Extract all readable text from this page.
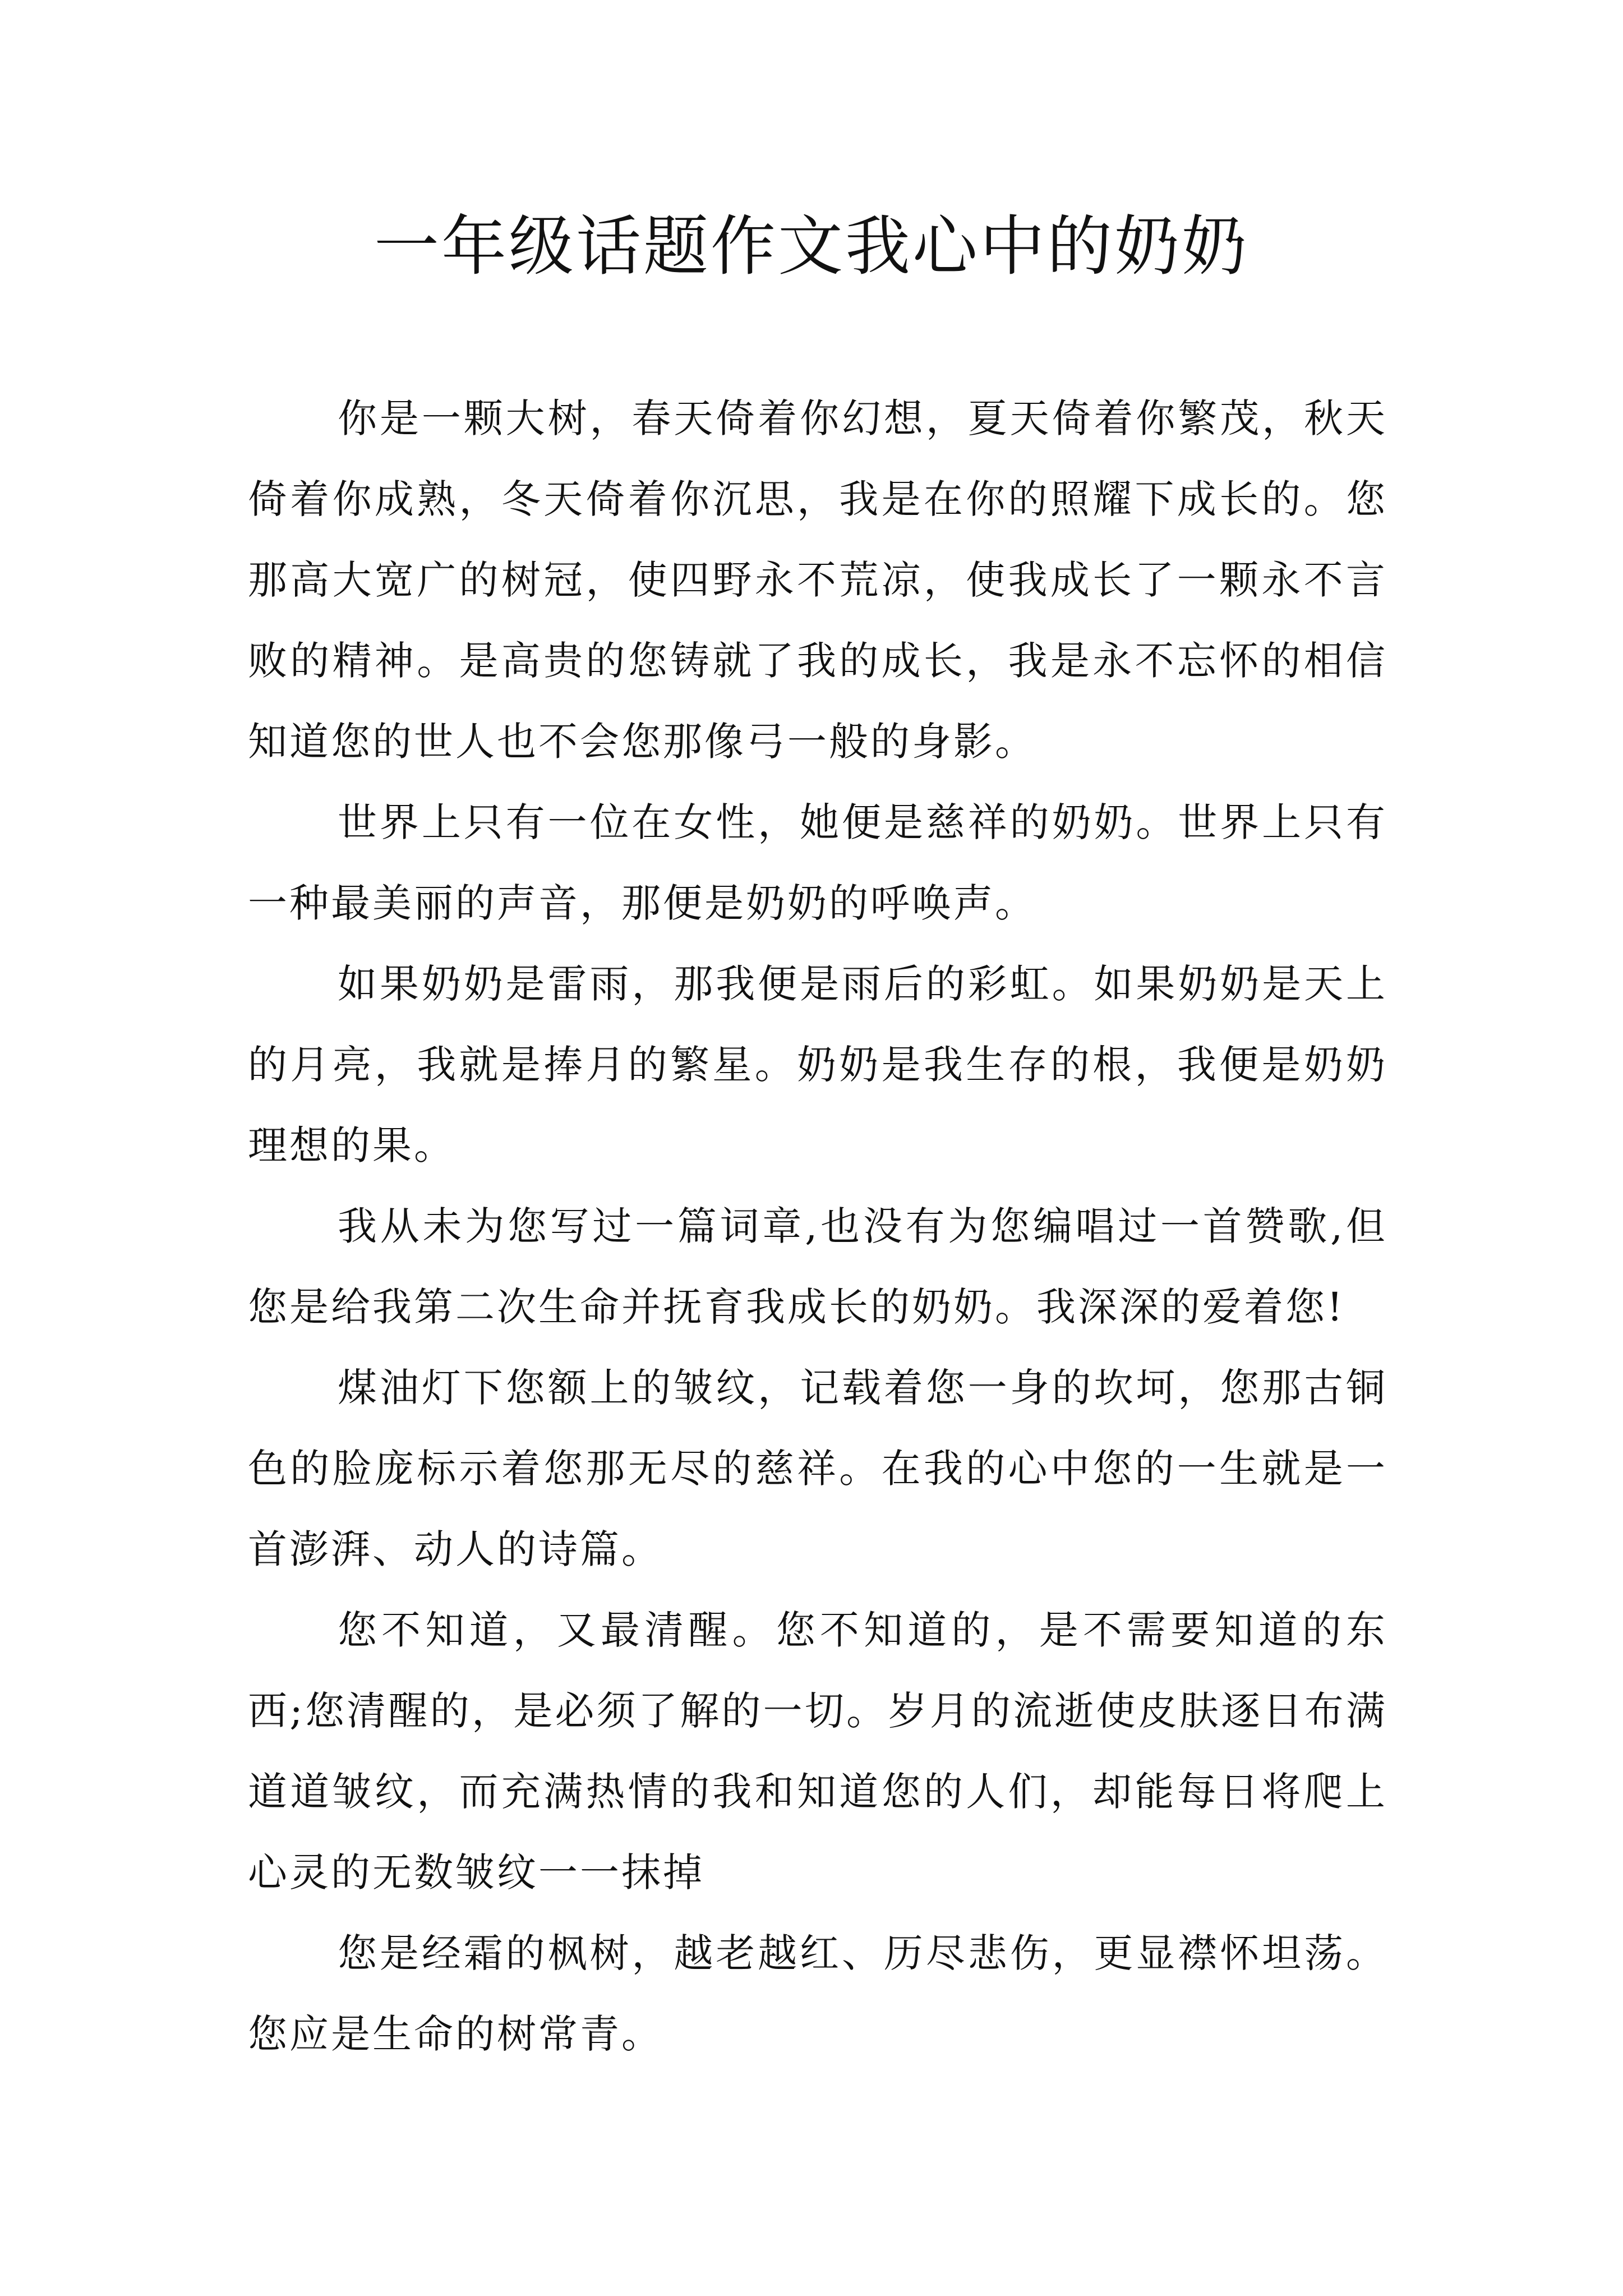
一年级话题作文我心中的奶奶

你是一颗大树，春天倚着你幻想，夏天倚着你繁茂，秋天倚着你成熟，冬天倚着你沉思，我是在你的照耀下成长的。您那高大宽广的树冠，使四野永不荒凉，使我成长了一颗永不言败的精神。是高贵的您铸就了我的成长，我是永不忘怀的相信知道您的世人也不会您那像弓一般的身影。

世界上只有一位在女性，她便是慈祥的奶奶。世界上只有一种最美丽的声音，那便是奶奶的呼唤声。

如果奶奶是雷雨，那我便是雨后的彩虹。如果奶奶是天上的月亮，我就是捧月的繁星。奶奶是我生存的根，我便是奶奶理想的果。

我从未为您写过一篇词章,也没有为您编唱过一首赞歌,但您是给我第二次生命并抚育我成长的奶奶。我深深的爱着您!

煤油灯下您额上的皱纹，记载着您一身的坎坷，您那古铜色的脸庞标示着您那无尽的慈祥。在我的心中您的一生就是一首澎湃、动人的诗篇。

您不知道，又最清醒。您不知道的，是不需要知道的东西;您清醒的，是必须了解的一切。岁月的流逝使皮肤逐日布满道道皱纹，而充满热情的我和知道您的人们，却能每日将爬上心灵的无数皱纹一一抹掉

您是经霜的枫树，越老越红、历尽悲伤，更显襟怀坦荡。您应是生命的树常青。
